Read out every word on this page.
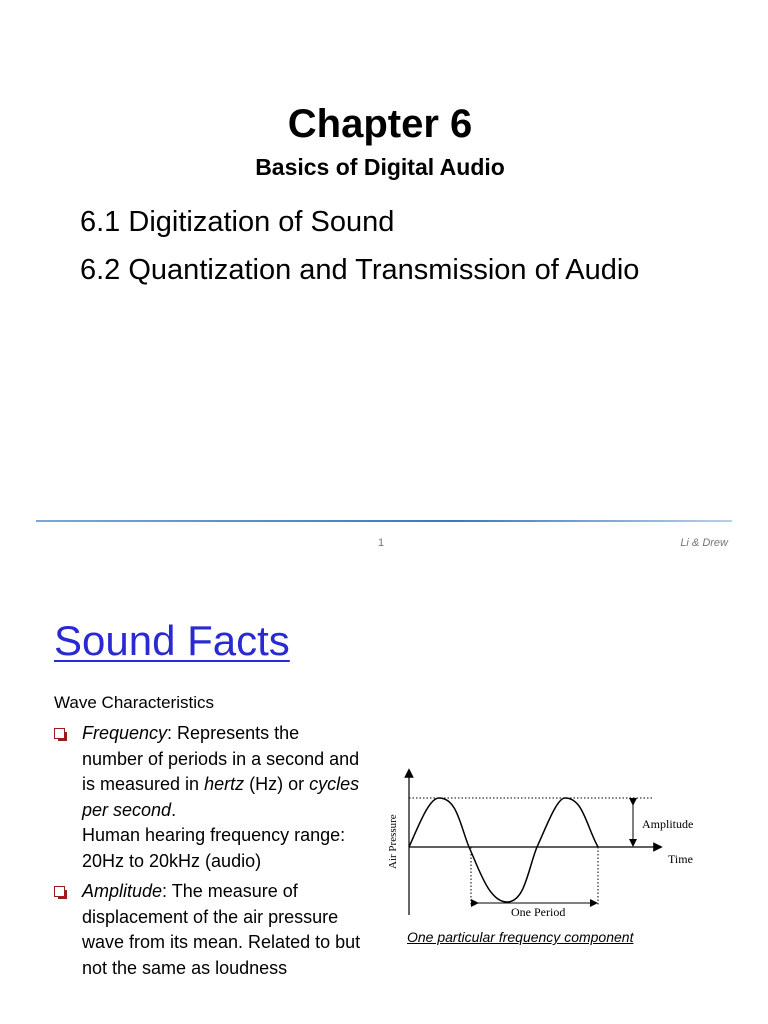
Chapter 6
Basics of Digital Audio
6.1 Digitization of Sound
6.2 Quantization and Transmission of Audio
1	Li & Drew
Sound Facts
Wave Characteristics
Frequency: Represents the number of periods in a second and is measured in hertz (Hz) or cycles per second.
Human hearing frequency range: 20Hz to 20kHz (audio)
Amplitude: The measure of displacement of the air pressure wave from its mean. Related to but not the same as loudness
Air Pressure	Time
Amplitude
One Period
One particular frequency component
